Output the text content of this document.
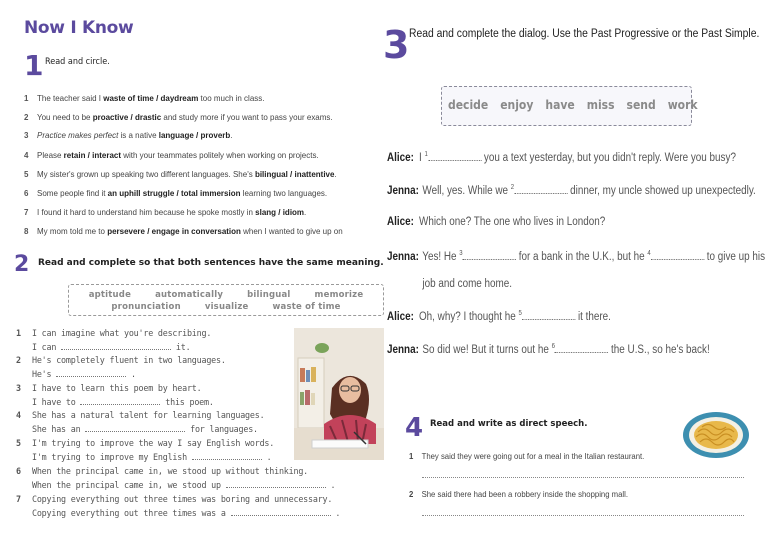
Now I Know
1 Read and circle.
1 The teacher said I waste of time / daydream too much in class.
2 You need to be proactive / drastic and study more if you want to pass your exams.
3 Practice makes perfect is a native language / proverb.
4 Please retain / interact with your teammates politely when working on projects.
5 My sister's grown up speaking two different languages. She's bilingual / inattentive.
6 Some people find it an uphill struggle / total immersion learning two languages.
7 I found it hard to understand him because he spoke mostly in slang / idiom.
8 My mom told me to persevere / engage in conversation when I wanted to give up on
2 Read and complete so that both sentences have the same meaning.
aptitude	automatically	bilingual	memorize
pronunciation	visualize	waste of time
1 I can imagine what you're describing.
I can	it.
2 He's completely fluent in two languages.
He's	.
3 I have to learn this poem by heart.
I have to	this poem.
4 She has a natural talent for learning languages.
She has an	for languages.
5 I'm trying to improve the way I say English words.
I'm trying to improve my English	.
6 When the principal came in, we stood up without thinking.
When the principal came in, we stood up	.
7 Copying everything out three times was boring and unnecessary.
Copying everything out three times was a	.
3 Read and complete the dialog. Use the Past Progressive or the Past Simple.
decide enjoy have miss send work
Alice: I $^1$	you a text yesterday, but you didn't reply. Were you busy?
Jenna: Well, yes. While we $^2$	dinner, my uncle showed up unexpectedly.
Alice: Which one? The one who lives in London?
Jenna: Yes! He $^3$	for a bank in the U.K., but he $^4$	to give up his
job and come home.
Alice: Oh, why? I thought he $^5$	it there.
Jenna: So did we! But it turns out he $^6$	the U.S., so he's back!
4 Read and write as direct speech.
1 They said they were going out for a meal in the Italian restaurant.
2 She said there had been a robbery inside the shopping mall.
